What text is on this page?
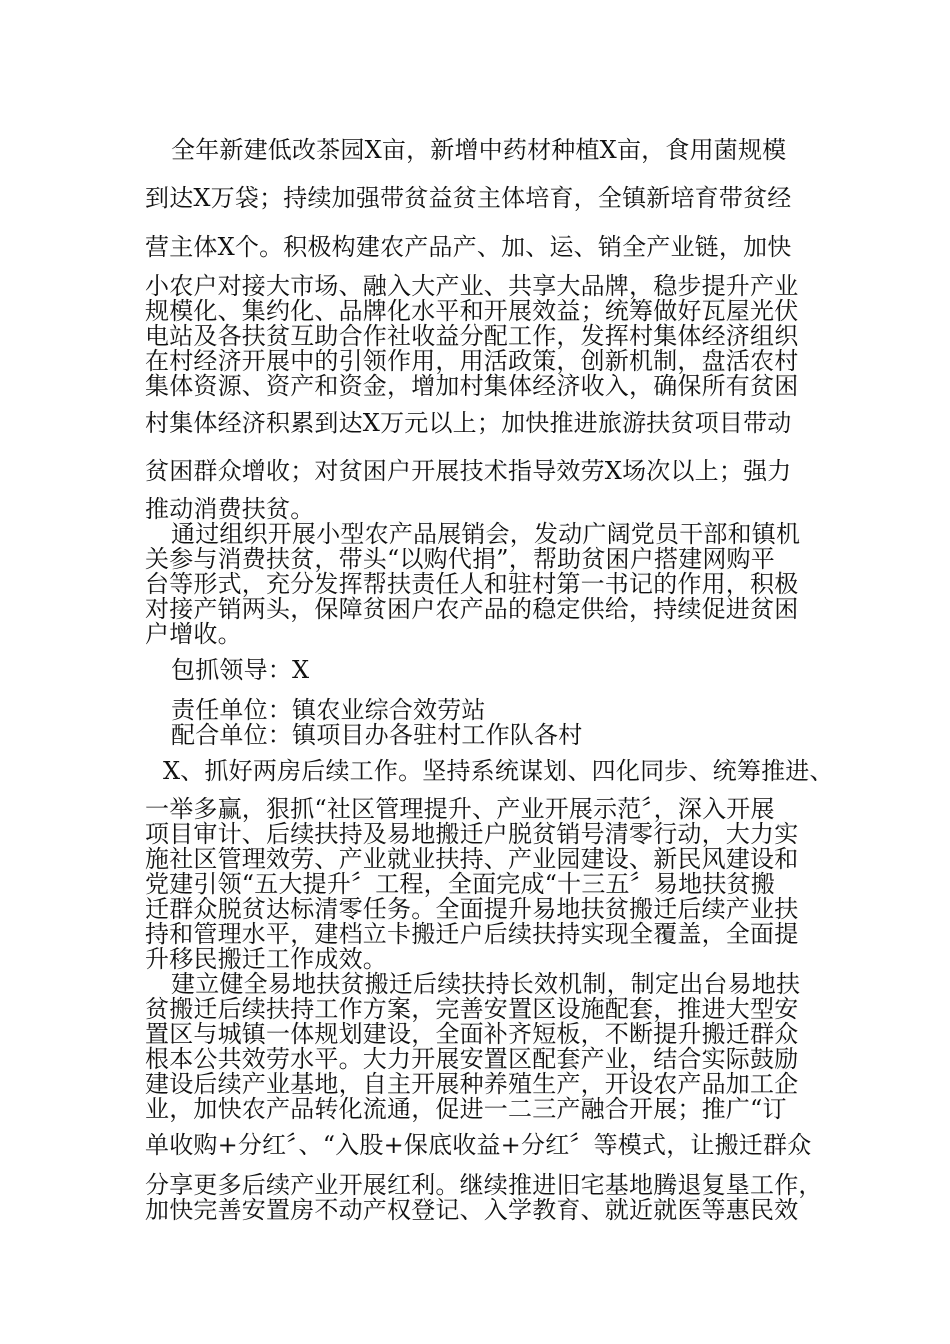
全年新建低改茶园X亩，新增中药材种植X亩，食用菌规模
到达X万袋；持续加强带贫益贫主体培育，全镇新培育带贫经
营主体X个。积极构建农产品产、加、运、销全产业链，加快
小农户对接大市场、融入大产业、共享大品牌，稳步提升产业
规模化、集约化、品牌化水平和开展效益；统筹做好瓦屋光伏
电站及各扶贫互助合作社收益分配工作，发挥村集体经济组织
在村经济开展中的引领作用，用活政策，创新机制，盘活农村
集体资源、资产和资金，增加村集体经济收入，确保所有贫困
村集体经济积累到达X万元以上；加快推进旅游扶贫项目带动
贫困群众增收；对贫困户开展技术指导效劳X场次以上；强力
推动消费扶贫。
通过组织开展小型农产品展销会，发动广阔党员干部和镇机
关参与消费扶贫，带头“以购代捐”，帮助贫困户搭建网购平
台等形式，充分发挥帮扶责任人和驻村第一书记的作用，积极
对接产销两头，保障贫困户农产品的稳定供给，持续促进贫困
户增收。
包抓领导：X
责任单位：镇农业综合效劳站
配合单位：镇项目办各驻村工作队各村
X、抓好两房后续工作。坚持系统谋划、四化同步、统筹推进、
一举多赢，狠抓“社区管理提升、产业开展示范〞，深入开展
项目审计、后续扶持及易地搬迁户脱贫销号清零行动，大力实
施社区管理效劳、产业就业扶持、产业园建设、新民风建设和
党建引领“五大提升〞工程，全面完成“十三五〞易地扶贫搬
迁群众脱贫达标清零任务。全面提升易地扶贫搬迁后续产业扶
持和管理水平，建档立卡搬迁户后续扶持实现全覆盖，全面提
升移民搬迁工作成效。
建立健全易地扶贫搬迁后续扶持长效机制，制定出台易地扶
贫搬迁后续扶持工作方案，完善安置区设施配套，推进大型安
置区与城镇一体规划建设，全面补齐短板，不断提升搬迁群众
根本公共效劳水平。大力开展安置区配套产业，结合实际鼓励
建设后续产业基地，自主开展种养殖生产，开设农产品加工企
业，加快农产品转化流通，促进一二三产融合开展；推广“订
单收购+分红〞、“入股+保底收益+分红〞等模式，让搬迁群众
分享更多后续产业开展红利。继续推进旧宅基地腾退复垦工作，
加快完善安置房不动产权登记、入学教育、就近就医等惠民效
